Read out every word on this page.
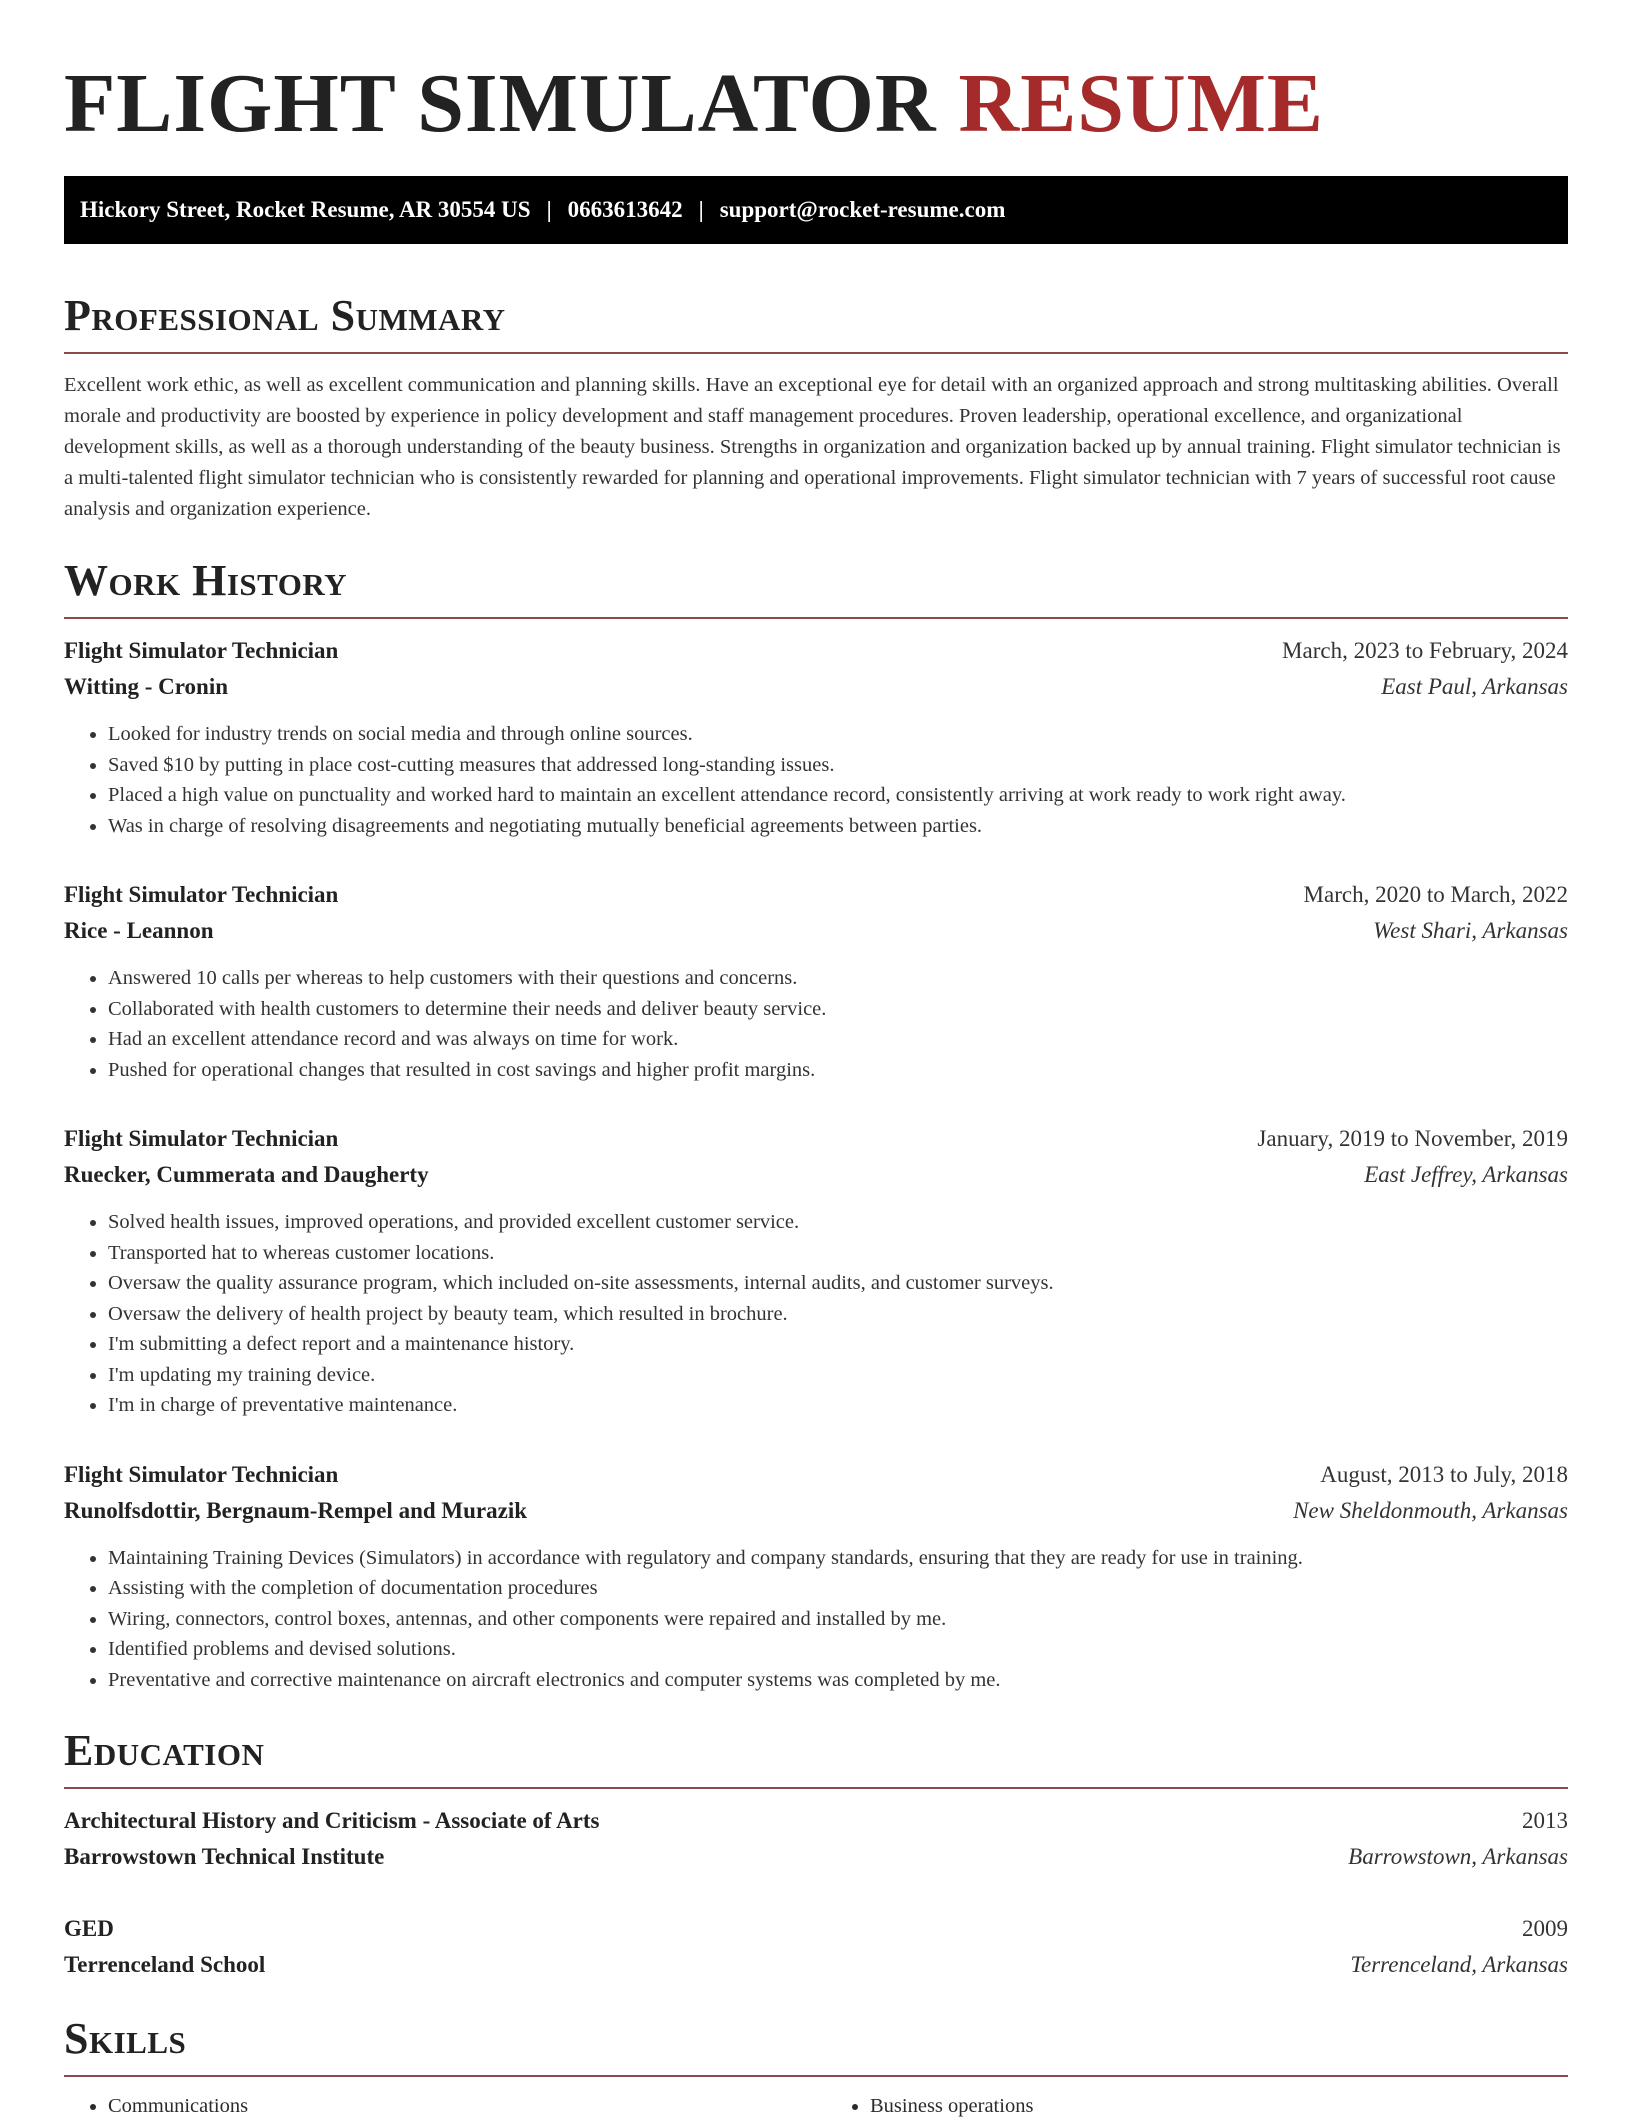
FLIGHT SIMULATOR RESUME
Hickory Street, Rocket Resume, AR 30554 US | 0663613642 | support@rocket-resume.com
Professional Summary

Excellent work ethic, as well as excellent communication and planning skills. Have an exceptional eye for detail with an organized approach and strong multitasking abilities. Overall morale and productivity are boosted by experience in policy development and staff management procedures. Proven leadership, operational excellence, and organizational development skills, as well as a thorough understanding of the beauty business. Strengths in organization and organization backed up by annual training. Flight simulator technician is a multi-talented flight simulator technician who is consistently rewarded for planning and operational improvements. Flight simulator technician with 7 years of successful root cause analysis and organization experience.

Work History
Flight Simulator Technician	March, 2023 to February, 2024
Witting - Cronin	East Paul, Arkansas
• Looked for industry trends on social media and through online sources.
• Saved $10 by putting in place cost-cutting measures that addressed long-standing issues.
• Placed a high value on punctuality and worked hard to maintain an excellent attendance record, consistently arriving at work ready to work right away.
• Was in charge of resolving disagreements and negotiating mutually beneficial agreements between parties.
Flight Simulator Technician	March, 2020 to March, 2022
Rice - Leannon	West Shari, Arkansas
• Answered 10 calls per whereas to help customers with their questions and concerns.
• Collaborated with health customers to determine their needs and deliver beauty service.
• Had an excellent attendance record and was always on time for work.
• Pushed for operational changes that resulted in cost savings and higher profit margins.
Flight Simulator Technician	January, 2019 to November, 2019
Ruecker, Cummerata and Daugherty	East Jeffrey, Arkansas
• Solved health issues, improved operations, and provided excellent customer service.
• Transported hat to whereas customer locations.
• Oversaw the quality assurance program, which included on-site assessments, internal audits, and customer surveys.
• Oversaw the delivery of health project by beauty team, which resulted in brochure.
• I'm submitting a defect report and a maintenance history.
• I'm updating my training device.
• I'm in charge of preventative maintenance.
Flight Simulator Technician	August, 2013 to July, 2018
Runolfsdottir, Bergnaum-Rempel and Murazik	New Sheldonmouth, Arkansas
• Maintaining Training Devices (Simulators) in accordance with regulatory and company standards, ensuring that they are ready for use in training.
• Assisting with the completion of documentation procedures
• Wiring, connectors, control boxes, antennas, and other components were repaired and installed by me.
• Identified problems and devised solutions.
• Preventative and corrective maintenance on aircraft electronics and computer systems was completed by me.
Education
Architectural History and Criticism - Associate of Arts	2013
Barrowstown Technical Institute	Barrowstown, Arkansas
GED	2009
Terrenceland School	Terrenceland, Arkansas
Skills
• Communications
•	Business operations
